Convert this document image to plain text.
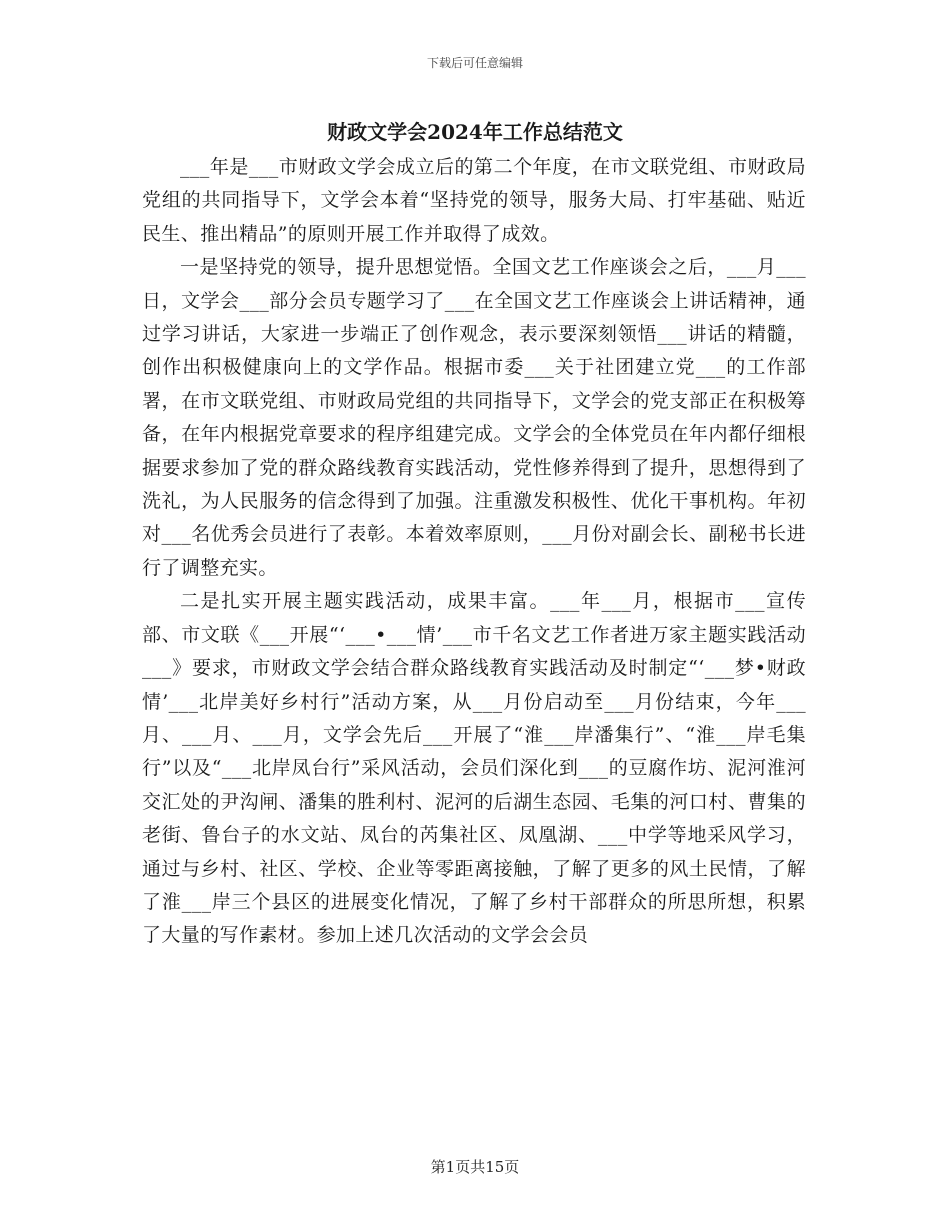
下载后可任意编辑
财政文学会2024年工作总结范文

___年是___市财政文学会成立后的第二个年度，在市文联党组、市财政局党组的共同指导下，文学会本着“坚持党的领导，服务大局、打牢基础、贴近民生、推出精品”的原则开展工作并取得了成效。

一是坚持党的领导，提升思想觉悟。全国文艺工作座谈会之后，___月___日，文学会___部分会员专题学习了___在全国文艺工作座谈会上讲话精神，通过学习讲话，大家进一步端正了创作观念，表示要深刻领悟___讲话的精髓，创作出积极健康向上的文学作品。根据市委___关于社团建立党___的工作部署，在市文联党组、市财政局党组的共同指导下，文学会的党支部正在积极筹备，在年内根据党章要求的程序组建完成。文学会的全体党员在年内都仔细根据要求参加了党的群众路线教育实践活动，党性修养得到了提升，思想得到了洗礼，为人民服务的信念得到了加强。注重激发积极性、优化干事机构。年初对___名优秀会员进行了表彰。本着效率原则，___月份对副会长、副秘书长进行了调整充实。

二是扎实开展主题实践活动，成果丰富。___年___月，根据市___宣传部、市文联《___开展“‘___•___情’___市千名文艺工作者进万家主题实践活动___》要求，市财政文学会结合群众路线教育实践活动及时制定“‘___梦•财政情’___北岸美好乡村行”活动方案，从___月份启动至___月份结束，今年___月、___月、___月，文学会先后___开展了“淮___岸潘集行”、“淮___岸毛集行”以及“___北岸凤台行”采风活动，会员们深化到___的豆腐作坊、泥河淮河交汇处的尹沟闸、潘集的胜利村、泥河的后湖生态园、毛集的河口村、曹集的老街、鲁台子的水文站、凤台的芮集社区、凤凰湖、___中学等地采风学习，通过与乡村、社区、学校、企业等零距离接触，了解了更多的风土民情，了解了淮___岸三个县区的进展变化情况，了解了乡村干部群众的所思所想，积累了大量的写作素材。参加上述几次活动的文学会会员

第1页共15页
